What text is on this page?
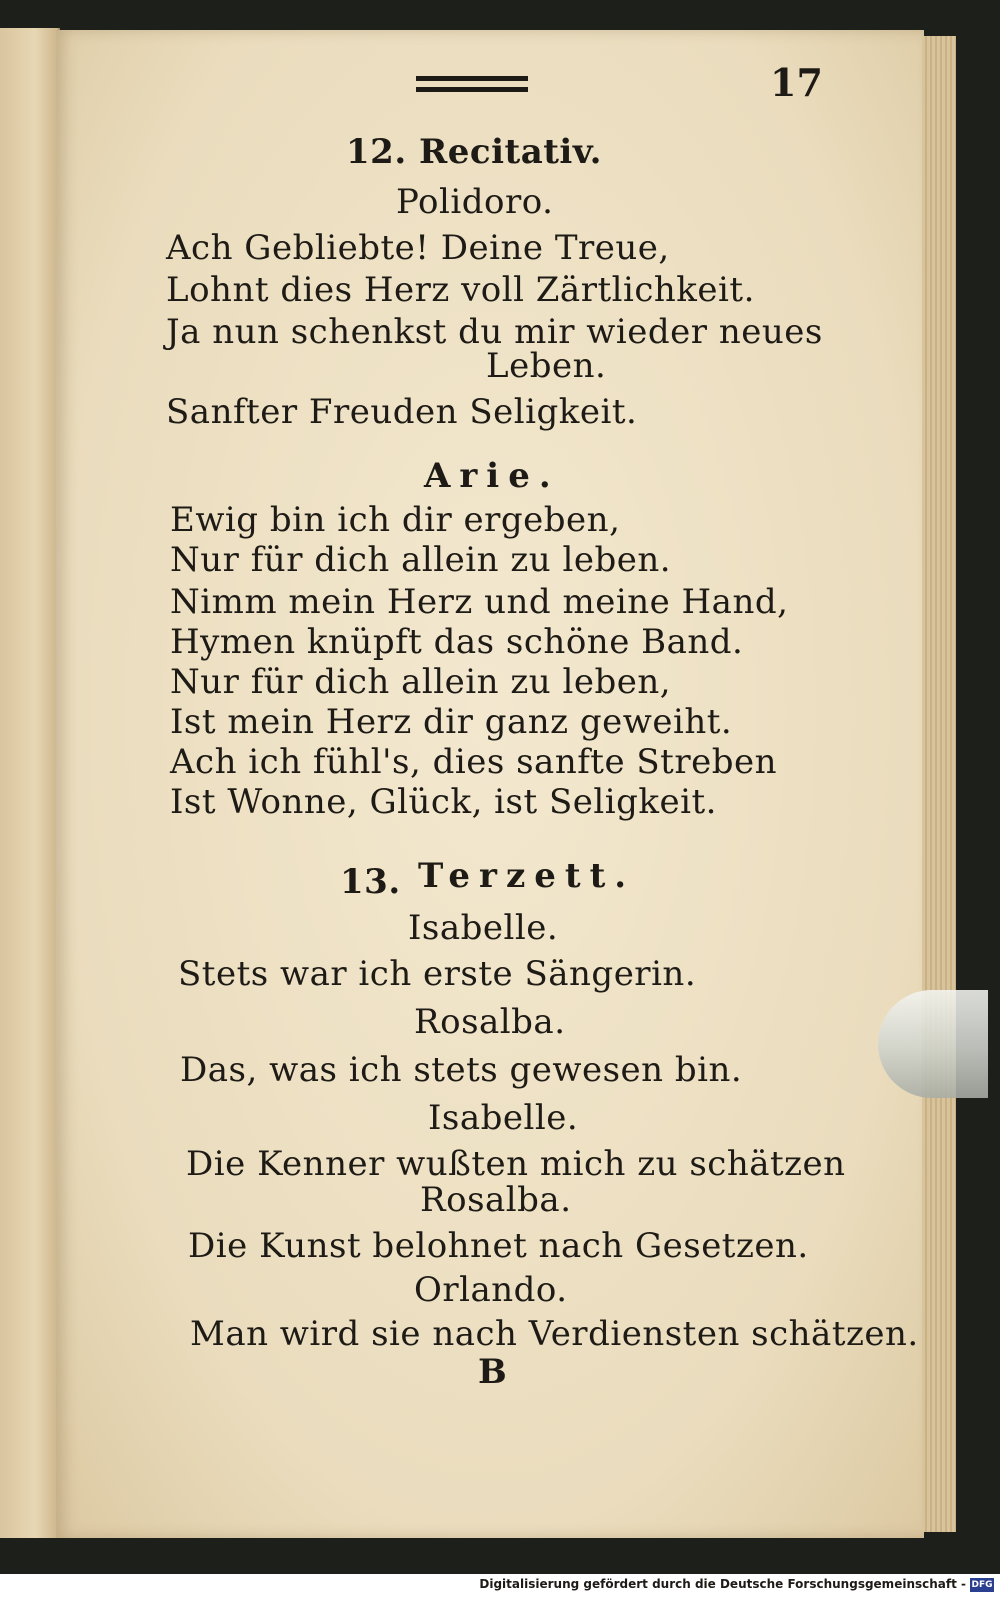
17
12. Recitativ.
Polidoro.
Ach Gebliebte! Deine Treue,
Lohnt dies Herz voll Zärtlichkeit.
Ja nun schenkst du mir wieder neues
Leben.
Sanfter Freuden Seligkeit.
Arie.
Ewig bin ich dir ergeben,
Nur für dich allein zu leben.
Nimm mein Herz und meine Hand,
Hymen knüpft das schöne Band.
Nur für dich allein zu leben,
Ist mein Herz dir ganz geweiht.
Ach ich fühl's, dies sanfte Streben
Ist Wonne, Glück, ist Seligkeit.
13. Terzett.
Isabelle.
Stets war ich erste Sängerin.
Rosalba.
Das, was ich stets gewesen bin.
Isabelle.
Die Kenner wußten mich zu schätzen
Rosalba.
Die Kunst belohnet nach Gesetzen.
Orlando.
Man wird sie nach Verdiensten schätzen.
B
Digitalisierung gefördert durch die Deutsche Forschungsgemeinschaft - DFG
